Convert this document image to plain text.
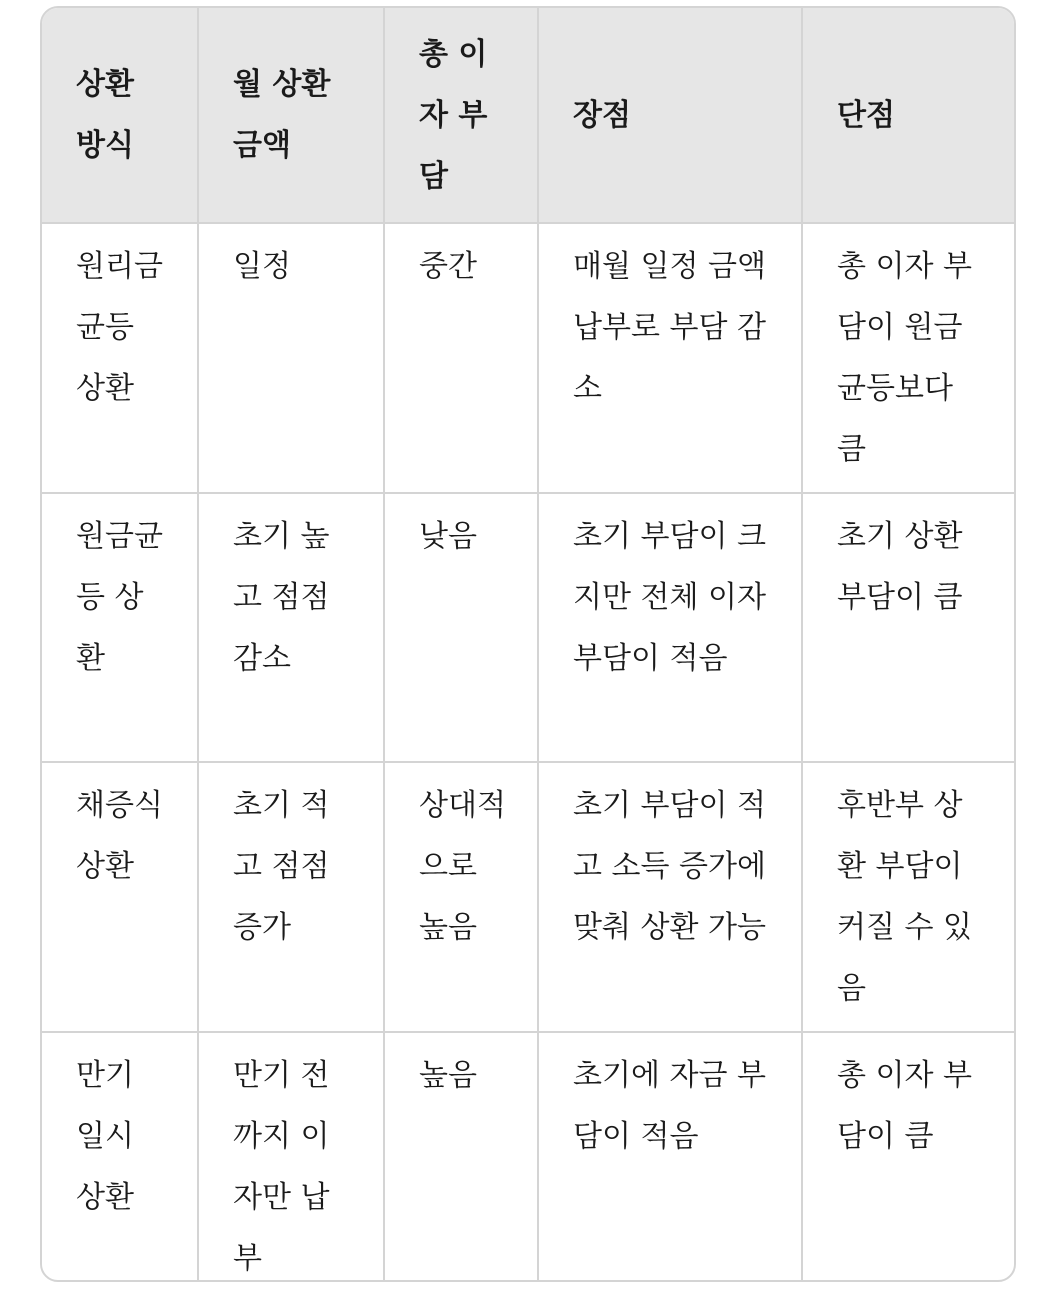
상환 방식	월 상환 금액	총 이자 부담	장점	단점
원리금 균등 상환	일정	중간	매월 일정 금액 납부로 부담 감소	총 이자 부담이 원금균등보다 큼
원금균등 상환	초기 높고 점점 감소	낮음	초기 부담이 크지만 전체 이자 부담이 적음	초기 상환 부담이 큼
채증식 상환	초기 적고 점점 증가	상대적으로 높음	초기 부담이 적고 소득 증가에 맞춰 상환 가능	후반부 상환 부담이 커질 수 있음
만기 일시 상환	만기 전까지 이자만 납부	높음	초기에 자금 부담이 적음	총 이자 부담이 큼
